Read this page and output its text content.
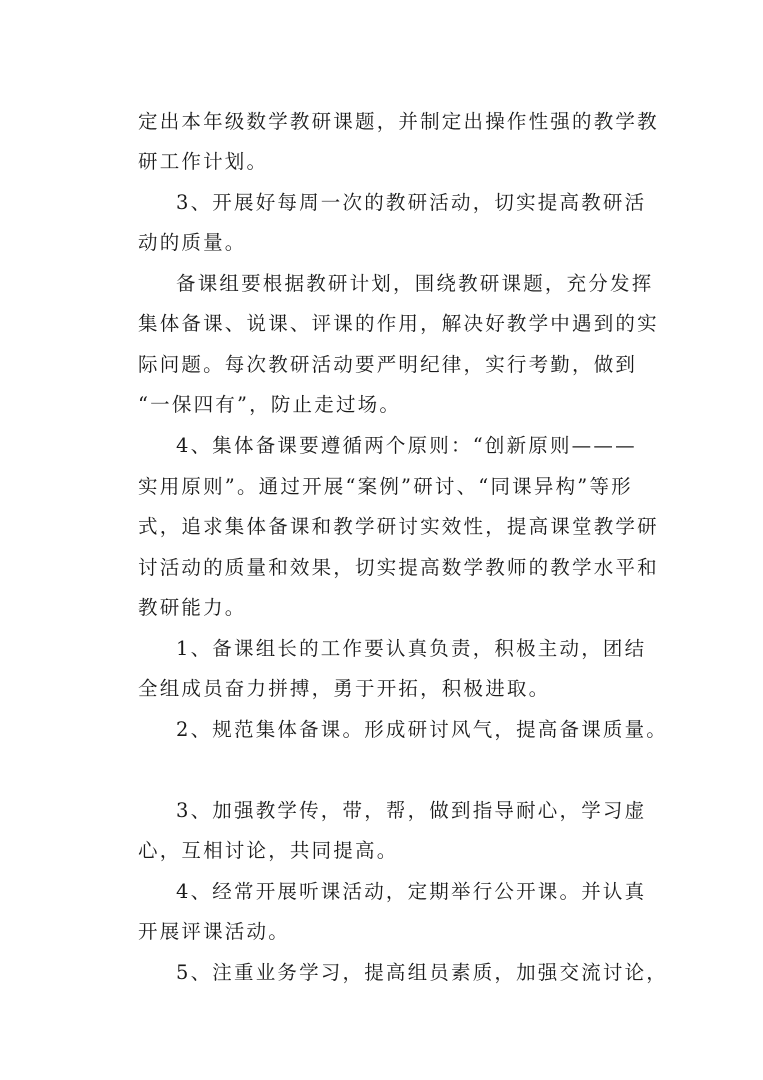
定出本年级数学教研课题，并制定出操作性强的教学教
研工作计划。
3、开展好每周一次的教研活动，切实提高教研活
动的质量。
备课组要根据教研计划，围绕教研课题，充分发挥
集体备课、说课、评课的作用，解决好教学中遇到的实
际问题。每次教研活动要严明纪律，实行考勤，做到
“一保四有”，防止走过场。
4、集体备课要遵循两个原则：“创新原则———
实用原则”。通过开展“案例”研讨、“同课异构”等形
式，追求集体备课和教学研讨实效性，提高课堂教学研
讨活动的质量和效果，切实提高数学教师的教学水平和
教研能力。
1、备课组长的工作要认真负责，积极主动，团结
全组成员奋力拼搏，勇于开拓，积极进取。
2、规范集体备课。形成研讨风气，提高备课质量。
3、加强教学传，带，帮，做到指导耐心，学习虚
心，互相讨论，共同提高。
4、经常开展听课活动，定期举行公开课。并认真
开展评课活动。
5、注重业务学习，提高组员素质，加强交流讨论，
